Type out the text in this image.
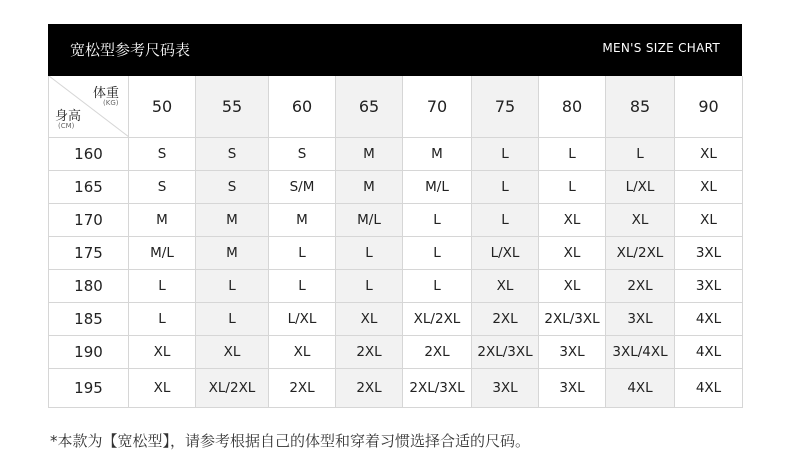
宽松型参考尺码表	MEN'S SIZE CHART
体重
(KG)
身高
(CM)	50	55	60	65	70	75	80	85	90
160	S	S	S	M	M	L	L	L	XL
165	S	S	S/M	M	M/L	L	L	L/XL	XL
170	M	M	M	M/L	L	L	XL	XL	XL
175	M/L	M	L	L	L	L/XL	XL	XL/2XL	3XL
180	L	L	L	L	L	XL	XL	2XL	3XL
185	L	L	L/XL	XL	XL/2XL	2XL	2XL/3XL	3XL	4XL
190	XL	XL	XL	2XL	2XL	2XL/3XL	3XL	3XL/4XL	4XL
195	XL	XL/2XL	2XL	2XL	2XL/3XL	3XL	3XL	4XL	4XL
*本款为【宽松型】，请参考根据自己的体型和穿着习惯选择合适的尺码。
